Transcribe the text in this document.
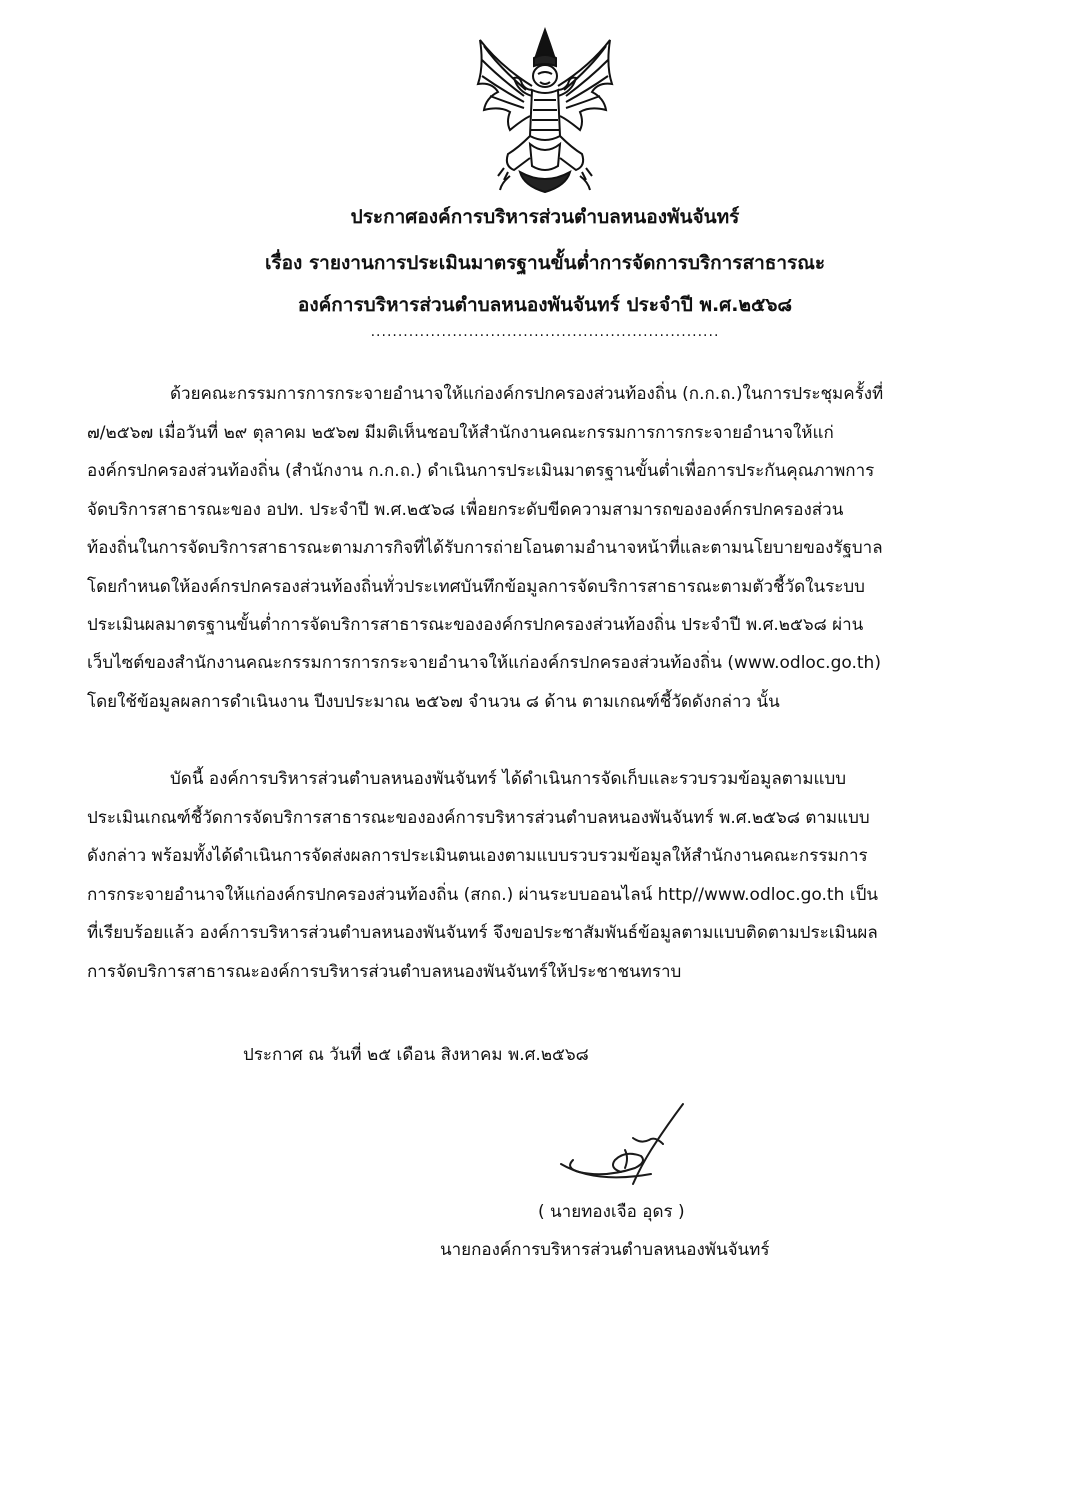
ประกาศองค์การบริหารส่วนตำบลหนองพันจันทร์
เรื่อง รายงานการประเมินมาตรฐานขั้นต่ำการจัดการบริการสาธารณะ
องค์การบริหารส่วนตำบลหนองพันจันทร์ ประจำปี พ.ศ.๒๕๖๘
................................................................
ด้วยคณะกรรมการการกระจายอำนาจให้แก่องค์กรปกครองส่วนท้องถิ่น (ก.ก.ถ.)ในการประชุมครั้งที่
๗/๒๕๖๗ เมื่อวันที่ ๒๙ ตุลาคม ๒๕๖๗ มีมติเห็นชอบให้สำนักงานคณะกรรมการการกระจายอำนาจให้แก่
องค์กรปกครองส่วนท้องถิ่น (สำนักงาน ก.ก.ถ.) ดำเนินการประเมินมาตรฐานขั้นต่ำเพื่อการประกันคุณภาพการ
จัดบริการสาธารณะของ อปท. ประจำปี พ.ศ.๒๕๖๘ เพื่อยกระดับขีดความสามารถขององค์กรปกครองส่วน
ท้องถิ่นในการจัดบริการสาธารณะตามภารกิจที่ได้รับการถ่ายโอนตามอำนาจหน้าที่และตามนโยบายของรัฐบาล
โดยกำหนดให้องค์กรปกครองส่วนท้องถิ่นทั่วประเทศบันทึกข้อมูลการจัดบริการสาธารณะตามตัวชี้วัดในระบบ
ประเมินผลมาตรฐานขั้นต่ำการจัดบริการสาธารณะขององค์กรปกครองส่วนท้องถิ่น ประจำปี พ.ศ.๒๕๖๘ ผ่าน
เว็บไซต์ของสำนักงานคณะกรรมการการกระจายอำนาจให้แก่องค์กรปกครองส่วนท้องถิ่น (www.odloc.go.th)
โดยใช้ข้อมูลผลการดำเนินงาน ปีงบประมาณ ๒๕๖๗ จำนวน ๘ ด้าน ตามเกณฑ์ชี้วัดดังกล่าว นั้น
บัดนี้ องค์การบริหารส่วนตำบลหนองพันจันทร์ ได้ดำเนินการจัดเก็บและรวบรวมข้อมูลตามแบบ
ประเมินเกณฑ์ชี้วัดการจัดบริการสาธารณะขององค์การบริหารส่วนตำบลหนองพันจันทร์ พ.ศ.๒๕๖๘ ตามแบบ
ดังกล่าว พร้อมทั้งได้ดำเนินการจัดส่งผลการประเมินตนเองตามแบบรวบรวมข้อมูลให้สำนักงานคณะกรรมการ
การกระจายอำนาจให้แก่องค์กรปกครองส่วนท้องถิ่น (สกถ.) ผ่านระบบออนไลน์ http//www.odloc.go.th เป็น
ที่เรียบร้อยแล้ว องค์การบริหารส่วนตำบลหนองพันจันทร์ จึงขอประชาสัมพันธ์ข้อมูลตามแบบติดตามประเมินผล
การจัดบริการสาธารณะองค์การบริหารส่วนตำบลหนองพันจันทร์ให้ประชาชนทราบ
ประกาศ ณ วันที่ ๒๕ เดือน สิงหาคม พ.ศ.๒๕๖๘
( นายทองเจือ อุดร )
นายกองค์การบริหารส่วนตำบลหนองพันจันทร์
